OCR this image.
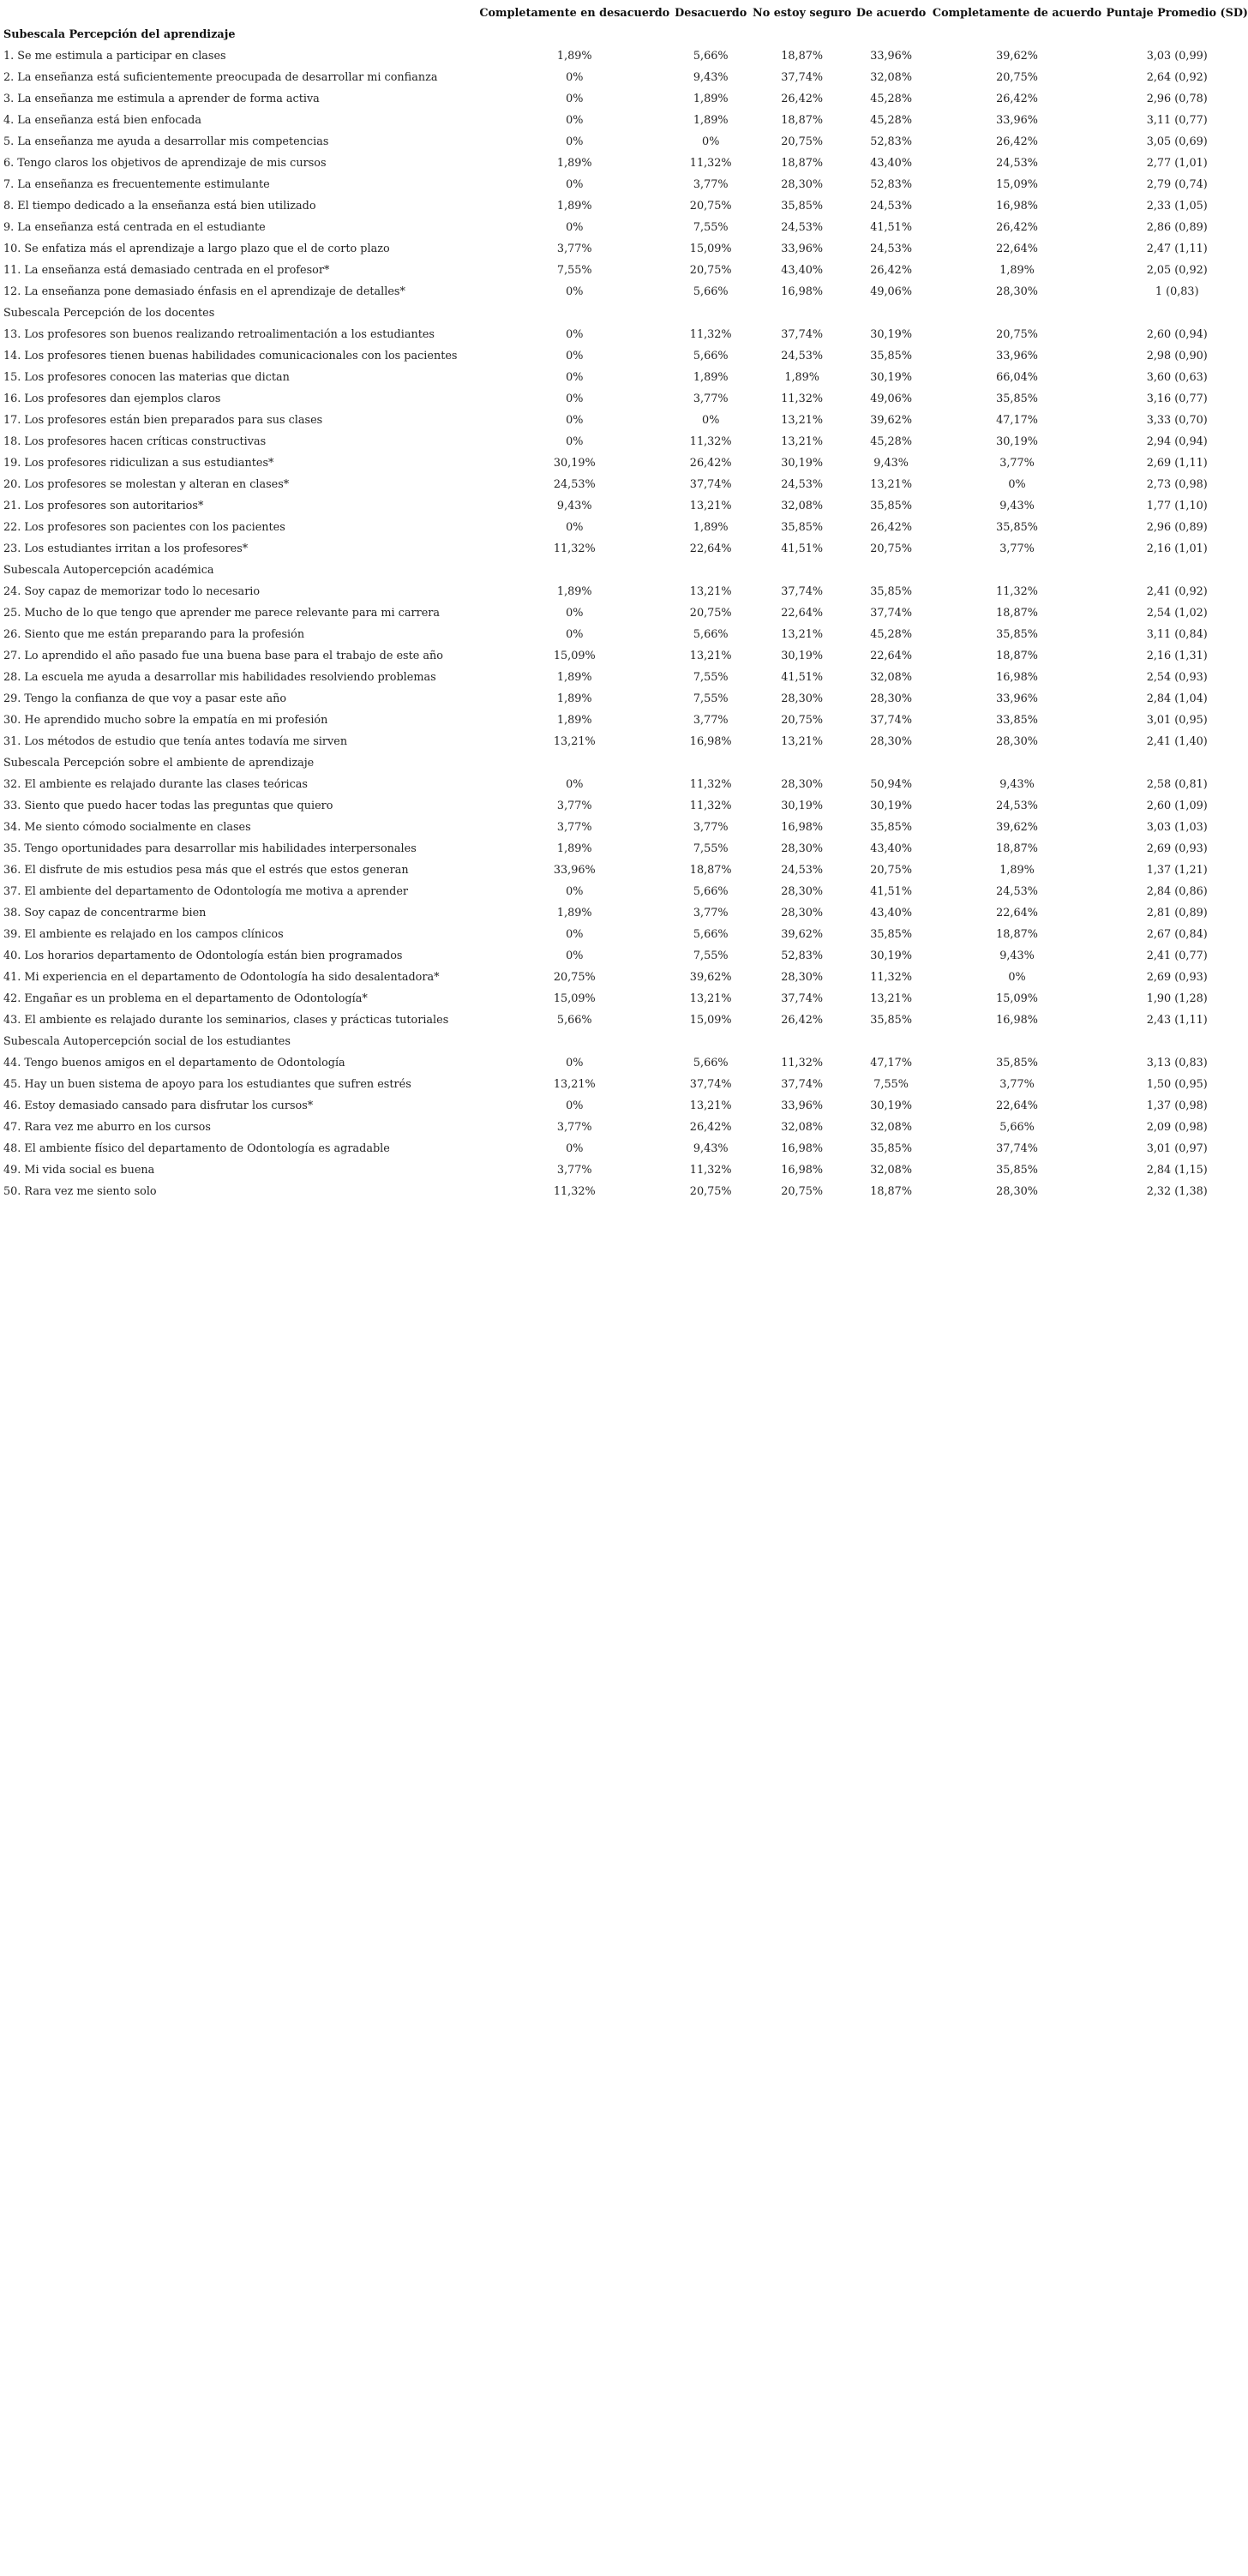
	Completamente en desacuerdo	Desacuerdo	No estoy seguro	De acuerdo	Completamente de acuerdo	Puntaje Promedio (SD)
Subescala Percepción del aprendizaje						
1. Se me estimula a participar en clases	1,89%	5,66%	18,87%	33,96%	39,62%	3,03 (0,99)
2. La enseñanza está suficientemente preocupada de desarrollar mi confianza	0%	9,43%	37,74%	32,08%	20,75%	2,64 (0,92)
3. La enseñanza me estimula a aprender de forma activa	0%	1,89%	26,42%	45,28%	26,42%	2,96 (0,78)
4. La enseñanza está bien enfocada	0%	1,89%	18,87%	45,28%	33,96%	3,11 (0,77)
5. La enseñanza me ayuda a desarrollar mis competencias	0%	0%	20,75%	52,83%	26,42%	3,05 (0,69)
6. Tengo claros los objetivos de aprendizaje de mis cursos	1,89%	11,32%	18,87%	43,40%	24,53%	2,77 (1,01)
7. La enseñanza es frecuentemente estimulante	0%	3,77%	28,30%	52,83%	15,09%	2,79 (0,74)
8. El tiempo dedicado a la enseñanza está bien utilizado	1,89%	20,75%	35,85%	24,53%	16,98%	2,33 (1,05)
9. La enseñanza está centrada en el estudiante	0%	7,55%	24,53%	41,51%	26,42%	2,86 (0,89)
10. Se enfatiza más el aprendizaje a largo plazo que el de corto plazo	3,77%	15,09%	33,96%	24,53%	22,64%	2,47 (1,11)
11. La enseñanza está demasiado centrada en el profesor*	7,55%	20,75%	43,40%	26,42%	1,89%	2,05 (0,92)
12. La enseñanza pone demasiado énfasis en el aprendizaje de detalles*	0%	5,66%	16,98%	49,06%	28,30%	1 (0,83)
Subescala Percepción de los docentes						
13. Los profesores son buenos realizando retroalimentación a los estudiantes	0%	11,32%	37,74%	30,19%	20,75%	2,60 (0,94)
14. Los profesores tienen buenas habilidades comunicacionales con los pacientes	0%	5,66%	24,53%	35,85%	33,96%	2,98 (0,90)
15. Los profesores conocen las materias que dictan	0%	1,89%	1,89%	30,19%	66,04%	3,60 (0,63)
16. Los profesores dan ejemplos claros	0%	3,77%	11,32%	49,06%	35,85%	3,16 (0,77)
17. Los profesores están bien preparados para sus clases	0%	0%	13,21%	39,62%	47,17%	3,33 (0,70)
18. Los profesores hacen críticas constructivas	0%	11,32%	13,21%	45,28%	30,19%	2,94 (0,94)
19. Los profesores ridiculizan a sus estudiantes*	30,19%	26,42%	30,19%	9,43%	3,77%	2,69 (1,11)
20. Los profesores se molestan y alteran en clases*	24,53%	37,74%	24,53%	13,21%	0%	2,73 (0,98)
21. Los profesores son autoritarios*	9,43%	13,21%	32,08%	35,85%	9,43%	1,77 (1,10)
22. Los profesores son pacientes con los pacientes	0%	1,89%	35,85%	26,42%	35,85%	2,96 (0,89)
23. Los estudiantes irritan a los profesores*	11,32%	22,64%	41,51%	20,75%	3,77%	2,16 (1,01)
Subescala Autopercepción académica						
24. Soy capaz de memorizar todo lo necesario	1,89%	13,21%	37,74%	35,85%	11,32%	2,41 (0,92)
25. Mucho de lo que tengo que aprender me parece relevante para mi carrera	0%	20,75%	22,64%	37,74%	18,87%	2,54 (1,02)
26. Siento que me están preparando para la profesión	0%	5,66%	13,21%	45,28%	35,85%	3,11 (0,84)
27. Lo aprendido el año pasado fue una buena base para el trabajo de este año	15,09%	13,21%	30,19%	22,64%	18,87%	2,16 (1,31)
28. La escuela me ayuda a desarrollar mis habilidades resolviendo problemas	1,89%	7,55%	41,51%	32,08%	16,98%	2,54 (0,93)
29. Tengo la confianza de que voy a pasar este año	1,89%	7,55%	28,30%	28,30%	33,96%	2,84 (1,04)
30. He aprendido mucho sobre la empatía en mi profesión	1,89%	3,77%	20,75%	37,74%	33,85%	3,01 (0,95)
31. Los métodos de estudio que tenía antes todavía me sirven	13,21%	16,98%	13,21%	28,30%	28,30%	2,41 (1,40)
Subescala Percepción sobre el ambiente de aprendizaje						
32. El ambiente es relajado durante las clases teóricas	0%	11,32%	28,30%	50,94%	9,43%	2,58 (0,81)
33. Siento que puedo hacer todas las preguntas que quiero	3,77%	11,32%	30,19%	30,19%	24,53%	2,60 (1,09)
34. Me siento cómodo socialmente en clases	3,77%	3,77%	16,98%	35,85%	39,62%	3,03 (1,03)
35. Tengo oportunidades para desarrollar mis habilidades interpersonales	1,89%	7,55%	28,30%	43,40%	18,87%	2,69 (0,93)
36. El disfrute de mis estudios pesa más que el estrés que estos generan	33,96%	18,87%	24,53%	20,75%	1,89%	1,37 (1,21)
37. El ambiente del departamento de Odontología me motiva a aprender	0%	5,66%	28,30%	41,51%	24,53%	2,84 (0,86)
38. Soy capaz de concentrarme bien	1,89%	3,77%	28,30%	43,40%	22,64%	2,81 (0,89)
39. El ambiente es relajado en los campos clínicos	0%	5,66%	39,62%	35,85%	18,87%	2,67 (0,84)
40. Los horarios departamento de Odontología están bien programados	0%	7,55%	52,83%	30,19%	9,43%	2,41 (0,77)
41. Mi experiencia en el departamento de Odontología ha sido desalentadora*	20,75%	39,62%	28,30%	11,32%	0%	2,69 (0,93)
42. Engañar es un problema en el departamento de Odontología*	15,09%	13,21%	37,74%	13,21%	15,09%	1,90 (1,28)
43. El ambiente es relajado durante los seminarios, clases y prácticas tutoriales	5,66%	15,09%	26,42%	35,85%	16,98%	2,43 (1,11)
Subescala Autopercepción social de los estudiantes						
44. Tengo buenos amigos en el departamento de Odontología	0%	5,66%	11,32%	47,17%	35,85%	3,13 (0,83)
45. Hay un buen sistema de apoyo para los estudiantes que sufren estrés	13,21%	37,74%	37,74%	7,55%	3,77%	1,50 (0,95)
46. Estoy demasiado cansado para disfrutar los cursos*	0%	13,21%	33,96%	30,19%	22,64%	1,37 (0,98)
47. Rara vez me aburro en los cursos	3,77%	26,42%	32,08%	32,08%	5,66%	2,09 (0,98)
48. El ambiente físico del departamento de Odontología es agradable	0%	9,43%	16,98%	35,85%	37,74%	3,01 (0,97)
49. Mi vida social es buena	3,77%	11,32%	16,98%	32,08%	35,85%	2,84 (1,15)
50. Rara vez me siento solo	11,32%	20,75%	20,75%	18,87%	28,30%	2,32 (1,38)
